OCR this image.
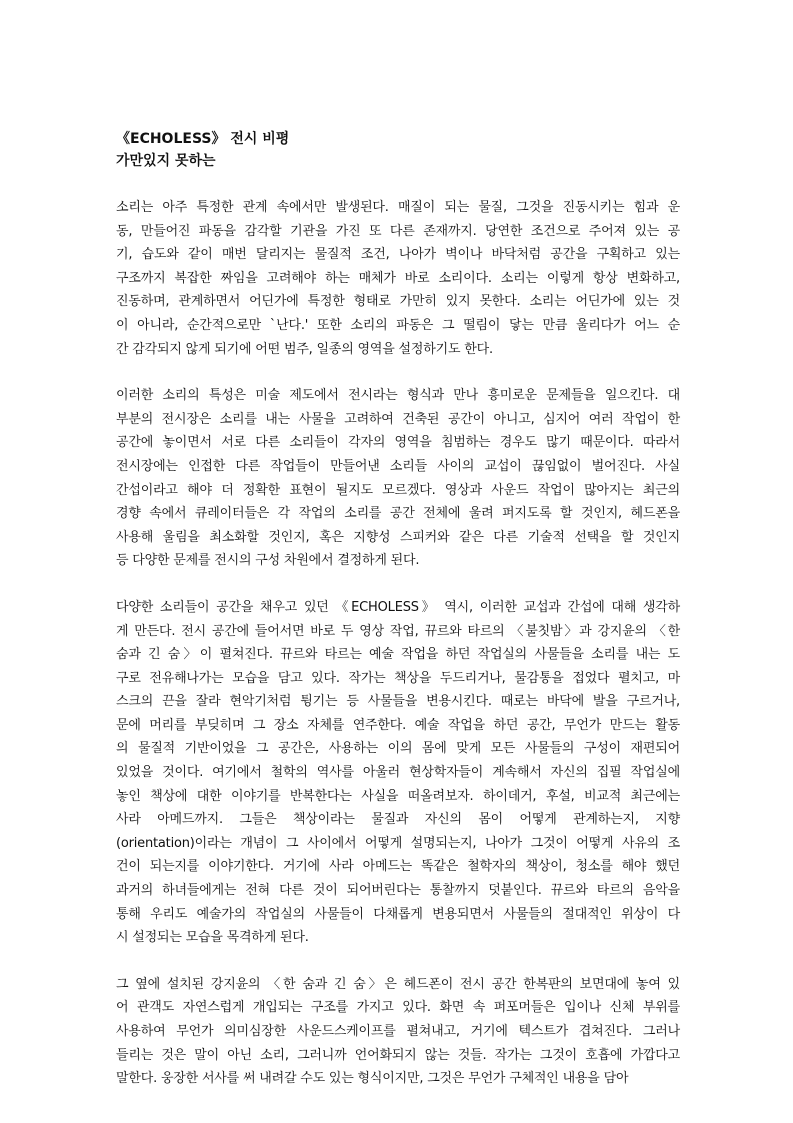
《ECHOLESS》 전시 비평
가만있지 못하는
소리는 아주 특정한 관계 속에서만 발생된다. 매질이 되는 물질, 그것을 진동시키는 힘과 운
동, 만들어진 파동을 감각할 기관을 가진 또 다른 존재까지. 당연한 조건으로 주어져 있는 공
기, 습도와 같이 매번 달리지는 물질적 조건, 나아가 벽이나 바닥처럼 공간을 구획하고 있는
구조까지 복잡한 짜임을 고려해야 하는 매체가 바로 소리이다. 소리는 이렇게 항상 변화하고,
진동하며, 관계하면서 어딘가에 특정한 형태로 가만히 있지 못한다. 소리는 어딘가에 있는 것
이 아니라, 순간적으로만 `난다.' 또한 소리의 파동은 그 떨림이 닿는 만큼 울리다가 어느 순
간 감각되지 않게 되기에 어떤 범주, 일종의 영역을 설정하기도 한다.
이러한 소리의 특성은 미술 제도에서 전시라는 형식과 만나 흥미로운 문제들을 일으킨다. 대
부분의 전시장은 소리를 내는 사물을 고려하여 건축된 공간이 아니고, 심지어 여러 작업이 한
공간에 놓이면서 서로 다른 소리들이 각자의 영역을 침범하는 경우도 많기 때문이다. 따라서
전시장에는 인접한 다른 작업들이 만들어낸 소리들 사이의 교섭이 끊임없이 벌어진다. 사실
간섭이라고 해야 더 정확한 표현이 될지도 모르겠다. 영상과 사운드 작업이 많아지는 최근의
경향 속에서 큐레이터들은 각 작업의 소리를 공간 전체에 울려 퍼지도록 할 것인지, 헤드폰을
사용해 울림을 최소화할 것인지, 혹은 지향성 스피커와 같은 다른 기술적 선택을 할 것인지
등 다양한 문제를 전시의 구성 차원에서 결정하게 된다.
다양한 소리들이 공간을 채우고 있던 《ECHOLESS》 역시, 이러한 교섭과 간섭에 대해 생각하
게 만든다. 전시 공간에 들어서면 바로 두 영상 작업, 뀨르와 타르의 〈불칫밤〉과 강지윤의 〈한
숨과 긴 숨〉이 펼쳐진다. 뀨르와 타르는 예술 작업을 하던 작업실의 사물들을 소리를 내는 도
구로 전유해나가는 모습을 담고 있다. 작가는 책상을 두드리거나, 물감통을 접었다 펼치고, 마
스크의 끈을 잘라 현악기처럼 튕기는 등 사물들을 변용시킨다. 때로는 바닥에 발을 구르거나,
문에 머리를 부딪히며 그 장소 자체를 연주한다. 예술 작업을 하던 공간, 무언가 만드는 활동
의 물질적 기반이었을 그 공간은, 사용하는 이의 몸에 맞게 모든 사물들의 구성이 재편되어
있었을 것이다. 여기에서 철학의 역사를 아울러 현상학자들이 계속해서 자신의 집필 작업실에
놓인 책상에 대한 이야기를 반복한다는 사실을 떠올려보자. 하이데거, 후설, 비교적 최근에는
사라 아메드까지. 그들은 책상이라는 물질과 자신의 몸이 어떻게 관계하는지, 지향
(orientation)이라는 개념이 그 사이에서 어떻게 설명되는지, 나아가 그것이 어떻게 사유의 조
건이 되는지를 이야기한다. 거기에 사라 아메드는 똑같은 철학자의 책상이, 청소를 해야 했던
과거의 하녀들에게는 전혀 다른 것이 되어버린다는 통찰까지 덧붙인다. 뀨르와 타르의 음악을
통해 우리도 예술가의 작업실의 사물들이 다채롭게 변용되면서 사물들의 절대적인 위상이 다
시 설정되는 모습을 목격하게 된다.
그 옆에 설치된 강지윤의 〈한 숨과 긴 숨〉은 헤드폰이 전시 공간 한복판의 보면대에 놓여 있
어 관객도 자연스럽게 개입되는 구조를 가지고 있다. 화면 속 퍼포머들은 입이나 신체 부위를
사용하여 무언가 의미심장한 사운드스케이프를 펼쳐내고, 거기에 텍스트가 겹쳐진다. 그러나
들리는 것은 말이 아닌 소리, 그러니까 언어화되지 않는 것들. 작가는 그것이 호흡에 가깝다고
말한다. 웅장한 서사를 써 내려갈 수도 있는 형식이지만, 그것은 무언가 구체적인 내용을 담아
